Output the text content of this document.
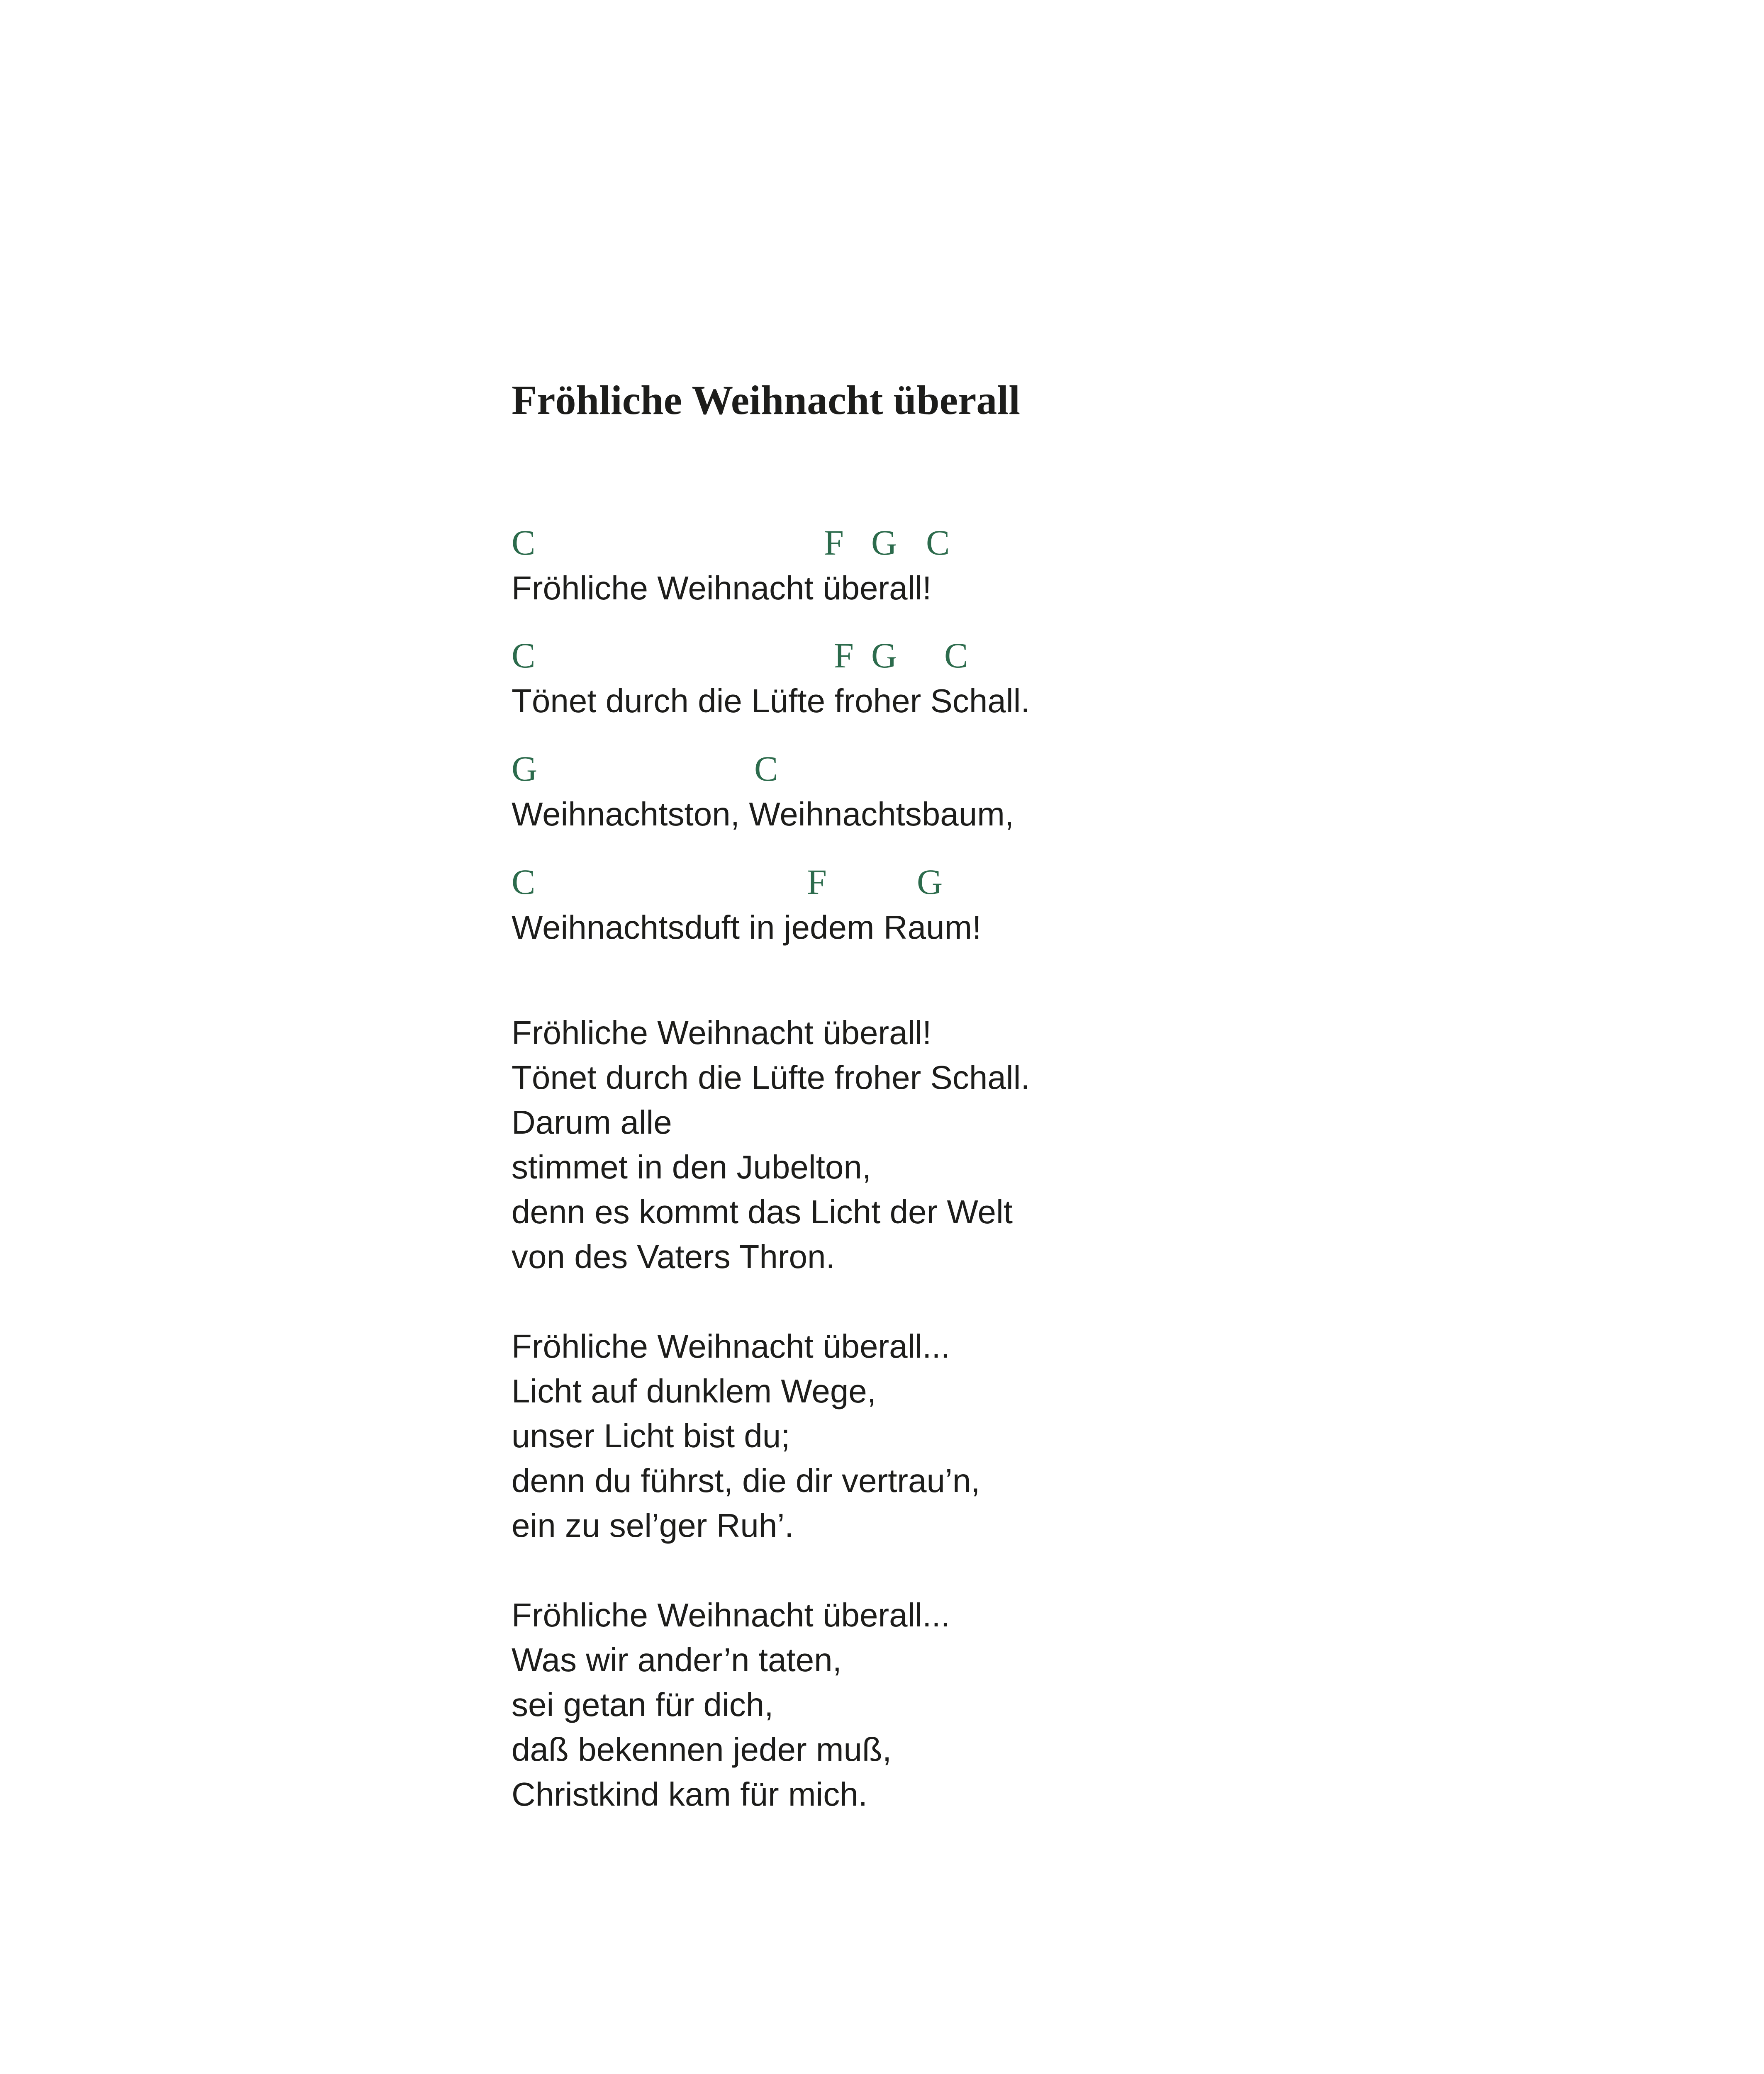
Fröhliche Weihnacht überall
C	F G C
Fröhliche Weihnacht überall!
C	F G C
Tönet durch die Lüfte froher Schall.
G	C
Weihnachtston, Weihnachtsbaum,
C	F	G
Weihnachtsduft in jedem Raum!
Fröhliche Weihnacht überall!
Tönet durch die Lüfte froher Schall.
Darum alle
stimmet in den Jubelton,
denn es kommt das Licht der Welt
von des Vaters Thron.
Fröhliche Weihnacht überall...
Licht auf dunklem Wege,
unser Licht bist du;
denn du führst, die dir vertrau’n,
ein zu sel’ger Ruh’.
Fröhliche Weihnacht überall...
Was wir ander’n taten,
sei getan für dich,
daß bekennen jeder muß,
Christkind kam für mich.
